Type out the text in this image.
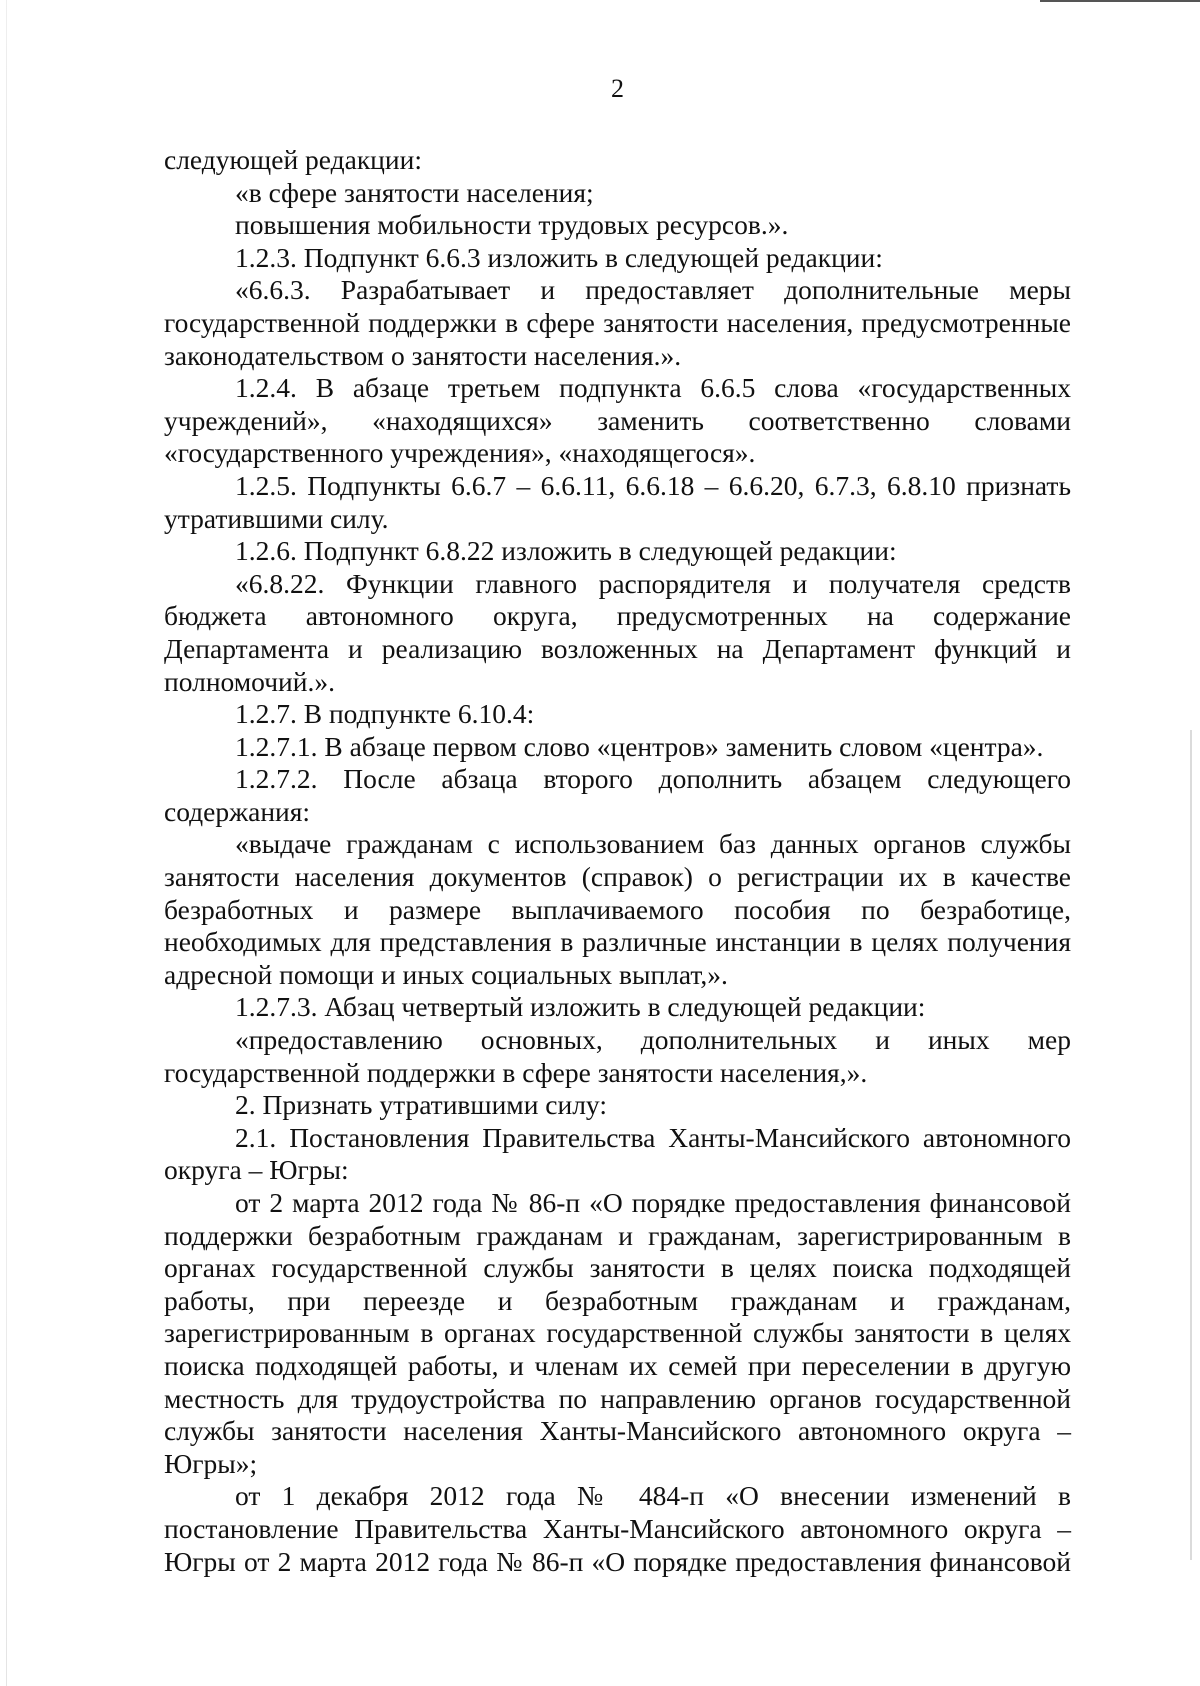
2

следующей редакции:

«в сфере занятости населения;

повышения мобильности трудовых ресурсов.».

1.2.3. Подпункт 6.6.3 изложить в следующей редакции:

«6.6.3. Разрабатывает и предоставляет дополнительные меры государственной поддержки в сфере занятости населения, предусмотренные законодательством о занятости населения.».

1.2.4. В абзаце третьем подпункта 6.6.5 слова «государственных учреждений», «находящихся» заменить соответственно словами «государственного учреждения», «находящегося».

1.2.5. Подпункты 6.6.7 – 6.6.11, 6.6.18 – 6.6.20, 6.7.3, 6.8.10 признать утратившими силу.

1.2.6. Подпункт 6.8.22 изложить в следующей редакции:

«6.8.22. Функции главного распорядителя и получателя средств бюджета автономного округа, предусмотренных на содержание Департамента и реализацию возложенных на Департамент функций и полномочий.».

1.2.7. В подпункте 6.10.4:

1.2.7.1. В абзаце первом слово «центров» заменить словом «центра».

1.2.7.2. После абзаца второго дополнить абзацем следующего содержания:

«выдаче гражданам с использованием баз данных органов службы занятости населения документов (справок) о регистрации их в качестве безработных и размере выплачиваемого пособия по безработице, необходимых для представления в различные инстанции в целях получения адресной помощи и иных социальных выплат,».

1.2.7.3. Абзац четвертый изложить в следующей редакции:

«предоставлению основных, дополнительных и иных мер государственной поддержки в сфере занятости населения,».

2. Признать утратившими силу:

2.1. Постановления Правительства Ханты-Мансийского автономного округа – Югры:

от 2 марта 2012 года № 86-п «О порядке предоставления финансовой поддержки безработным гражданам и гражданам, зарегистрированным в органах государственной службы занятости в целях поиска подходящей работы, при переезде и безработным гражданам и гражданам, зарегистрированным в органах государственной службы занятости в целях поиска подходящей работы, и членам их семей при переселении в другую местность для трудоустройства по направлению органов государственной службы занятости населения Ханты-Мансийского автономного округа – Югры»;

от 1 декабря 2012 года № 484-п «О внесении изменений в постановление Правительства Ханты-Мансийского автономного округа – Югры от 2 марта 2012 года № 86-п «О порядке предоставления финансовой
